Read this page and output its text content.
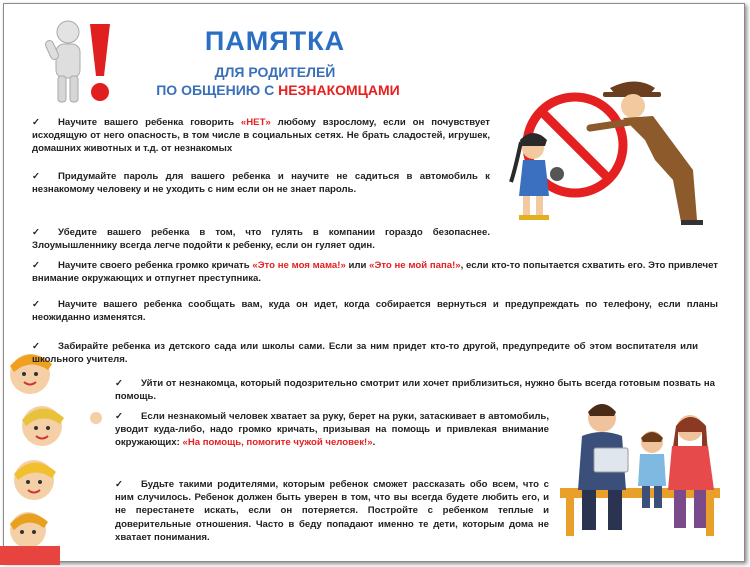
ПАМЯТКА
ДЛЯ РОДИТЕЛЕЙ
ПО ОБЩЕНИЮ С НЕЗНАКОМЦАМИ

✓ Научите вашего ребенка говорить «НЕТ» любому взрослому, если он почувствует исходящую от него опасность, в том числе в социальных сетях. Не брать сладостей, игрушек, домашних животных и т.д. от незнакомых

✓ Придумайте пароль для вашего ребенка и научите не садиться в автомобиль к незнакомому человеку и не уходить с ним если он не знает пароль.

✓ Убедите вашего ребенка в том, что гулять в компании гораздо безопаснее. Злоумышленнику всегда легче подойти к ребенку, если он гуляет один.

✓ Научите своего ребенка громко кричать «Это не моя мама!» или «Это не мой папа!», если кто-то попытается схватить его. Это привлечет внимание окружающих и отпугнет преступника.

✓ Научите вашего ребенка сообщать вам, куда он идет, когда собирается вернуться и предупреждать по телефону, если планы неожиданно изменятся.

✓ Забирайте ребенка из детского сада или школы сами. Если за ним придет кто-то другой, предупредите об этом воспитателя или школьного учителя.

✓ Уйти от незнакомца, который подозрительно смотрит или хочет приблизиться, нужно быть всегда готовым позвать на помощь.

✓ Если незнакомый человек хватает за руку, берет на руки, затаскивает в автомобиль, уводит куда-либо, надо громко кричать, призывая на помощь и привлекая внимание окружающих: «На помощь, помогите чужой человек!».

✓ Будьте такими родителями, которым ребенок сможет рассказать обо всем, что с ним случилось. Ребенок должен быть уверен в том, что вы всегда будете любить его, и не перестанете искать, если он потеряется. Постройте с ребенком теплые и доверительные отношения. Часто в беду попадают именно те дети, которым дома не хватает понимания.
